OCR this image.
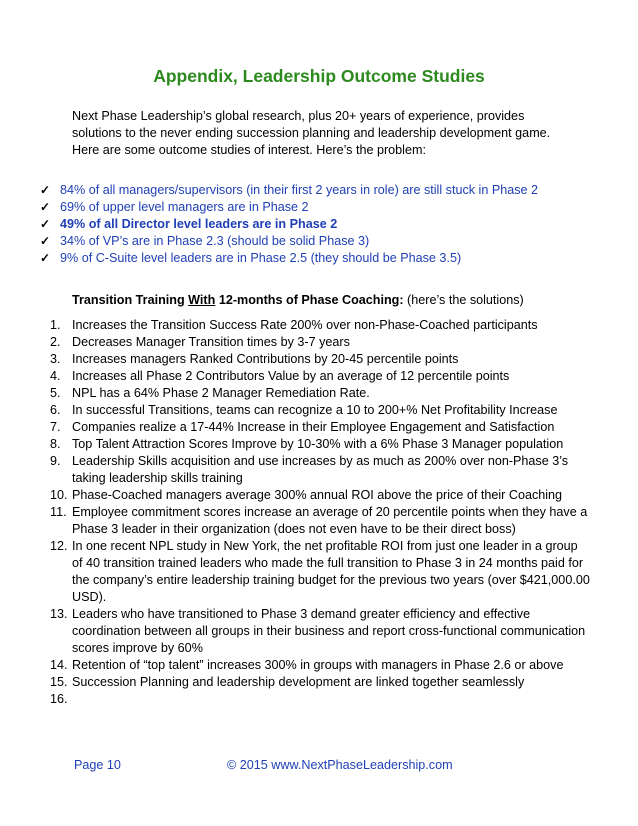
Appendix, Leadership Outcome Studies

Next Phase Leadership’s global research, plus 20+ years of experience, provides solutions to the never ending succession planning and leadership development game. Here are some outcome studies of interest. Here’s the problem:

✓ 84% of all managers/supervisors (in their first 2 years in role) are still stuck in Phase 2
✓ 69% of upper level managers are in Phase 2
✓ 49% of all Director level leaders are in Phase 2
✓ 34% of VP’s are in Phase 2.3 (should be solid Phase 3)
✓ 9% of C-Suite level leaders are in Phase 2.5 (they should be Phase 3.5)

Transition Training With 12-months of Phase Coaching: (here’s the solutions)

1. Increases the Transition Success Rate 200% over non-Phase-Coached participants
2. Decreases Manager Transition times by 3-7 years
3. Increases managers Ranked Contributions by 20-45 percentile points
4. Increases all Phase 2 Contributors Value by an average of 12 percentile points
5. NPL has a 64% Phase 2 Manager Remediation Rate.
6. In successful Transitions, teams can recognize a 10 to 200+% Net Profitability Increase
7. Companies realize a 17-44% Increase in their Employee Engagement and Satisfaction
8. Top Talent Attraction Scores Improve by 10-30% with a 6% Phase 3 Manager population
9. Leadership Skills acquisition and use increases by as much as 200% over non-Phase 3’s taking leadership skills training
10. Phase-Coached managers average 300% annual ROI above the price of their Coaching
11. Employee commitment scores increase an average of 20 percentile points when they have a Phase 3 leader in their organization (does not even have to be their direct boss)
12. In one recent NPL study in New York, the net profitable ROI from just one leader in a group of 40 transition trained leaders who made the full transition to Phase 3 in 24 months paid for the company’s entire leadership training budget for the previous two years (over $421,000.00 USD).
13. Leaders who have transitioned to Phase 3 demand greater efficiency and effective coordination between all groups in their business and report cross-functional communication scores improve by 60%
14. Retention of “top talent” increases 300% in groups with managers in Phase 2.6 or above
15. Succession Planning and leadership development are linked together seamlessly
16.
Page 10	© 2015 www.NextPhaseLeadership.com
